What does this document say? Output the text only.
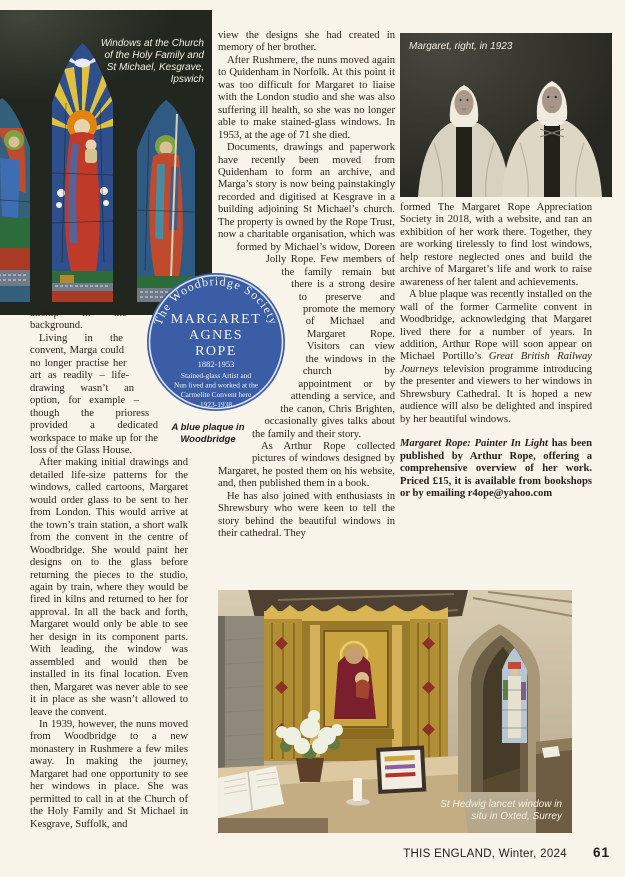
Windows at the Church of the Holy Family and St Michael, Kesgrave, Ipswich
Margaret, right, in 1923
The Woodbridge Society
MARGARET
AGNES
ROPE
1882-1953
Stained-glass Artist and
Nun lived and worked at the
Carmelite Convent here
1923-1938
A blue plaque in Woodbridge

airship in the background.

Living in the convent, Marga could no longer practise her art as readily – life-drawing wasn’t an option, for example – though the prioress provided a dedicated workspace to make up for the loss of the Glass House.

After making initial drawings and detailed life-size patterns for the windows, called cartoons, Margaret would order glass to be sent to her from London. This would arrive at the town’s train station, a short walk from the convent in the centre of Woodbridge. She would paint her designs on to the glass before returning the pieces to the studio, again by train, where they would be fired in kilns and returned to her for approval. In all the back and forth, Margaret would only be able to see her design in its component parts. With leading, the window was assembled and would then be installed in its final location. Even then, Margaret was never able to see it in place as she wasn’t allowed to leave the convent.

In 1939, however, the nuns moved from Woodbridge to a new monastery in Rushmere a few miles away. In making the journey, Margaret had one opportunity to see her windows in place. She was permitted to call in at the Church of the Holy Family and St Michael in Kesgrave, Suffolk, and

view the designs she had created in memory of her brother.

After Rushmere, the nuns moved again to Quidenham in Norfolk. At this point it was too difficult for Margaret to liaise with the London studio and she was also suffering ill health, so she was no longer able to make stained-glass windows. In 1953, at the age of 71 she died.

Documents, drawings and paperwork have recently been moved from Quidenham to form an archive, and Marga’s story is now being painstakingly recorded and digitised at Kesgrave in a building adjoining St Michael’s church. The property is owned by the Rope Trust, now a charitable organisation, which was formed by Michael’s widow, Doreen Jolly Rope. Few members of the family remain but there is a strong desire to preserve and promote the memory of Michael and Margaret Rope. Visitors can view the windows in the church by appointment or by attending a service, and the canon, Chris Brighten, occasionally gives talks about the family and their story.

As Arthur Rope collected pictures of windows designed by Margaret, he posted them on his website, and, then published them in a book.

He has also joined with enthusiasts in Shrewsbury who were keen to tell the story behind the beautiful windows in their cathedral. They

formed The Margaret Rope Appreciation Society in 2018, with a website, and ran an exhibition of her work there. Together, they are working tirelessly to find lost windows, help restore neglected ones and build the archive of Margaret’s life and work to raise awareness of her talent and achievements.

A blue plaque was recently installed on the wall of the former Carmelite convent in Woodbridge, acknowledging that Margaret lived there for a number of years. In addition, Arthur Rope will soon appear on Michael Portillo’s Great British Railway Journeys television programme introducing the presenter and viewers to her windows in Shrewsbury Cathedral. It is hoped a new audience will also be delighted and inspired by her beautiful windows.

Margaret Rope: Painter In Light has been published by Arthur Rope, offering a comprehensive overview of her work. Priced £15, it is available from bookshops or by emailing r4ope@yahoo.com

St Hedwig lancet window in situ in Oxted, Surrey
THIS ENGLAND, Winter, 2024 61
